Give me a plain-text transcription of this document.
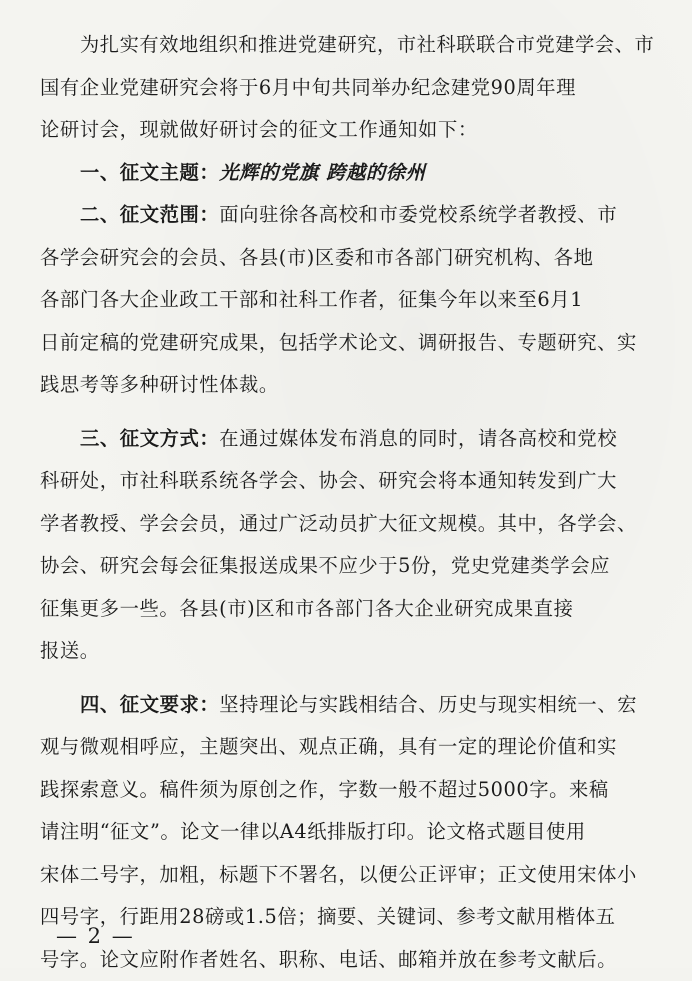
为扎实有效地组织和推进党建研究，市社科联联合市党建学会、市
国有企业党建研究会将于6月中旬共同举办纪念建党90周年理
论研讨会，现就做好研讨会的征文工作通知如下：
一、征文主题：光辉的党旗 跨越的徐州
二、征文范围：面向驻徐各高校和市委党校系统学者教授、市
各学会研究会的会员、各县(市)区委和市各部门研究机构、各地
各部门各大企业政工干部和社科工作者，征集今年以来至6月1
日前定稿的党建研究成果，包括学术论文、调研报告、专题研究、实
践思考等多种研讨性体裁。
三、征文方式：在通过媒体发布消息的同时，请各高校和党校
科研处，市社科联系统各学会、协会、研究会将本通知转发到广大
学者教授、学会会员，通过广泛动员扩大征文规模。其中，各学会、
协会、研究会每会征集报送成果不应少于5份，党史党建类学会应
征集更多一些。各县(市)区和市各部门各大企业研究成果直接
报送。
四、征文要求：坚持理论与实践相结合、历史与现实相统一、宏
观与微观相呼应，主题突出、观点正确，具有一定的理论价值和实
践探索意义。稿件须为原创之作，字数一般不超过5000字。来稿
请注明“征文”。论文一律以A4纸排版打印。论文格式题目使用
宋体二号字，加粗，标题下不署名，以便公正评审；正文使用宋体小
四号字，行距用28磅或1.5倍；摘要、关键词、参考文献用楷体五
号字。论文应附作者姓名、职称、电话、邮箱并放在参考文献后。
— 2 —
